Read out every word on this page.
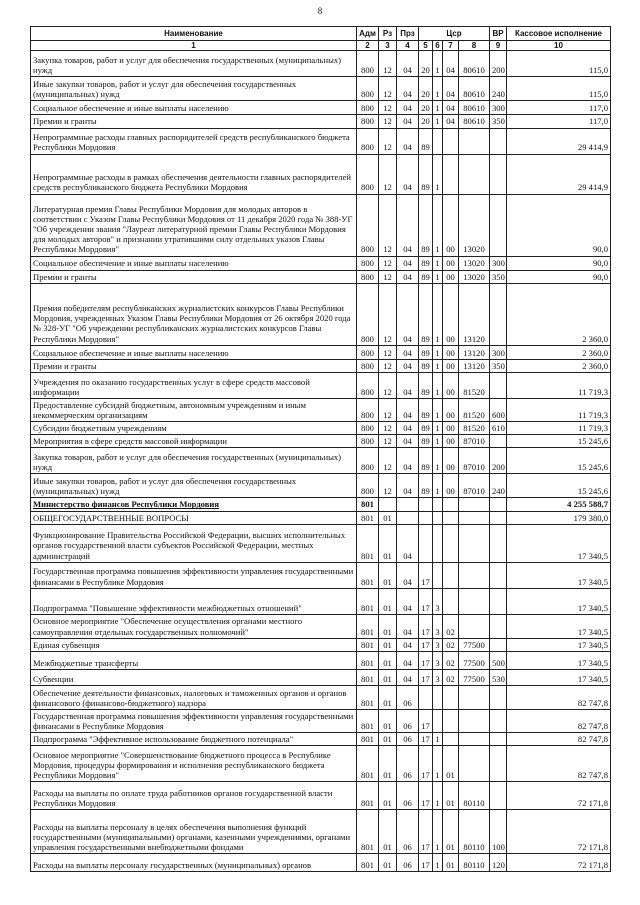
8
Наименование	Адм	Рз	Прз	Цср				ВР	Кассовое исполнение
1	2	3	4	5	6	7	8	9	10
Закупка товаров, работ и услуг для обеспечения государственных (муниципальных) нужд	800	12	04	20	1	04	80610	200	115,0
Иные закупки товаров, работ и услуг для обеспечения государственных (муниципальных) нужд	800	12	04	20	1	04	80610	240	115,0
Социальное обеспечение и иные выплаты населению	800	12	04	20	1	04	80610	300	117,0
Премии и гранты	800	12	04	20	1	04	80610	350	117,0
Непрограммные расходы главных распорядителей средств республиканского бюджета Республики Мордовия	800	12	04	89					29 414,9
Непрограммные расходы в рамках обеспечения деятельности главных распорядителей средств республиканского бюджета Республики Мордовия	800	12	04	89	1				29 414,9
Литературная премия Главы Республики Мордовия для молодых авторов в соответствии с Указом Главы Республики Мордовия от 11 декабря 2020 года № 388-УГ "Об учреждении звания "Лауреат литературной премии Главы Республики Мордовия для молодых авторов" и признании утратившими силу отдельных указов Главы Республики Мордовия"	800	12	04	89	1	00	13020		90,0
Социальное обеспечение и иные выплаты населению	800	12	04	89	1	00	13020	300	90,0
Премии и гранты	800	12	04	89	1	00	13020	350	90,0
Премия победителям республиканских журналистских конкурсов Главы Республики Мордовия, учрежденных Указом Главы Республики Мордовия от 26 октября 2020 года № 328-УГ "Об учреждении республиканских журналистских конкурсов Главы Республики Мордовия"	800	12	04	89	1	00	13120		2 360,0
Социальное обеспечение и иные выплаты населению	800	12	04	89	1	00	13120	300	2 360,0
Премии и гранты	800	12	04	89	1	00	13120	350	2 360,0
Учреждения по оказанию государственных услуг в сфере средств массовой информации	800	12	04	89	1	00	81520		11 719,3
Предоставление субсидий бюджетным, автономным учреждениям и иным некоммерческим организациям	800	12	04	89	1	00	81520	600	11 719,3
Субсидии бюджетным учреждениям	800	12	04	89	1	00	81520	610	11 719,3
Мероприятия в сфере средств массовой информации	800	12	04	89	1	00	87010		15 245,6
Закупка товаров, работ и услуг для обеспечения государственных (муниципальных) нужд	800	12	04	89	1	00	87010	200	15 245,6
Иные закупки товаров, работ и услуг для обеспечения государственных (муниципальных) нужд	800	12	04	89	1	00	87010	240	15 245,6
Министерство финансов Республики Мордовия	801								4 255 588,7
ОБЩЕГОСУДАРСТВЕННЫЕ ВОПРОСЫ	801	01							179 380,0
Функционирование Правительства Российской Федерации, высших исполнительных органов государственной власти субъектов Российской Федерации, местных администраций	801	01	04						17 340,5
Государственная программа повышения эффективности управления государственными финансами в Республике Мордовия	801	01	04	17					17 340,5
Подпрограмма "Повышение эффективности межбюджетных отношений"	801	01	04	17	3				17 340,5
Основное мероприятие "Обеспечение осуществления органами местного самоуправления отдельных государственных полномочий"	801	01	04	17	3	02			17 340,5
Единая субвенция	801	01	04	17	3	02	77500		17 340,5
Межбюджетные трансферты	801	01	04	17	3	02	77500	500	17 340,5
Субвенции	801	01	04	17	3	02	77500	530	17 340,5
Обеспечение деятельности финансовых, налоговых и таможенных органов и органов финансового (финансово-бюджетного) надзора	801	01	06						82 747,8
Государственная программа повышения эффективности управления государственными финансами в Республике Мордовия	801	01	06	17					82 747,8
Подпрограмма "Эффективное использование бюджетного потенциала"	801	01	06	17	1				82 747,8
Основное мероприятие "Совершенствование бюджетного процесса в Республике Мордовия, процедуры формирования и исполнения республиканского бюджета Республики Мордовия"	801	01	06	17	1	01			82 747,8
Расходы на выплаты по оплате труда работников органов государственной власти Республики Мордовия	801	01	06	17	1	01	80110		72 171,8
Расходы на выплаты персоналу в целях обеспечения выполнения функций государственными (муниципальными) органами, казенными учреждениями, органами управления государственными внебюджетными фондами	801	01	06	17	1	01	80110	100	72 171,8
Расходы на выплаты персоналу государственных (муниципальных) органов	801	01	06	17	1	01	80110	120	72 171,8
